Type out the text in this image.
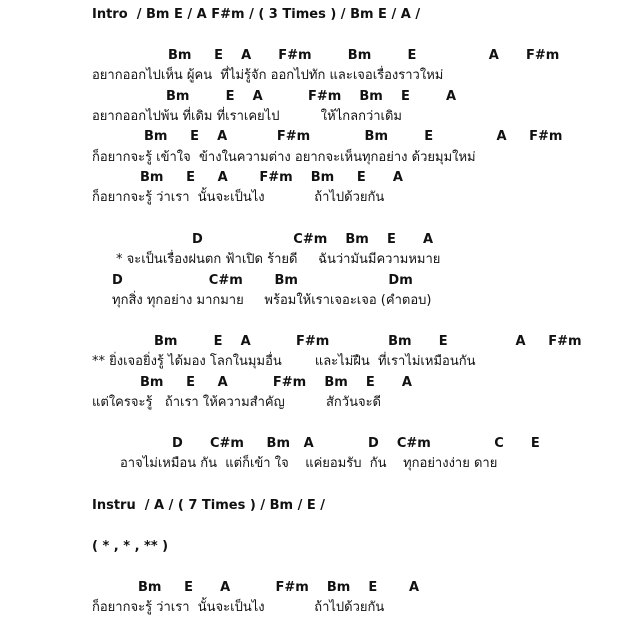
Intro  / Bm E / A F#m / ( 3 Times ) / Bm E / A /
Bm     E    A      F#m        Bm        E                A      F#m
อยากออกไปเห็น ผู้คน  ที่ไม่รู้จัก ออกไปทัก และเจอเรื่องราวใหม่
Bm        E    A          F#m    Bm    E        A
อยากออกไปพ้น ที่เดิม ที่เราเคยไป          ให้ไกลกว่าเดิม
Bm     E    A           F#m            Bm        E              A     F#m
ก็อยากจะรู้ เข้าใจ  ข้างในความต่าง อยากจะเห็นทุกอย่าง ด้วยมุมใหม่
Bm     E     A       F#m    Bm     E      A
ก็อยากจะรู้ ว่าเรา  นั้นจะเป็นไง            ถ้าไปด้วยกัน
D                    C#m    Bm    E      A
* จะเป็นเรื่องฝนตก ฟ้าเปิด ร้ายดี     ฉันว่ามันมีความหมาย
D                   C#m       Bm                    Dm
ทุกสิ่ง ทุกอย่าง มากมาย     พร้อมให้เราเจอะเจอ (คำตอบ)
Bm        E    A          F#m             Bm      E               A     F#m
** ยิ่งเจอยิ่งรู้ ได้มอง โลกในมุมอื่น        และไม่ฝืน  ที่เราไม่เหมือนกัน
Bm     E     A          F#m    Bm    E      A
แต่ใครจะรู้   ถ้าเรา ให้ความสำคัญ          สักวันจะดี
D      C#m     Bm   A            D    C#m              C      E
อาจไม่เหมือน กัน  แต่ก็เข้า ใจ    แค่ยอมรับ  กัน    ทุกอย่างง่าย ดาย
Instru  / A / ( 7 Times ) / Bm / E /
( * , * , ** )
Bm     E      A          F#m    Bm    E       A
ก็อยากจะรู้ ว่าเรา  นั้นจะเป็นไง            ถ้าไปด้วยกัน
